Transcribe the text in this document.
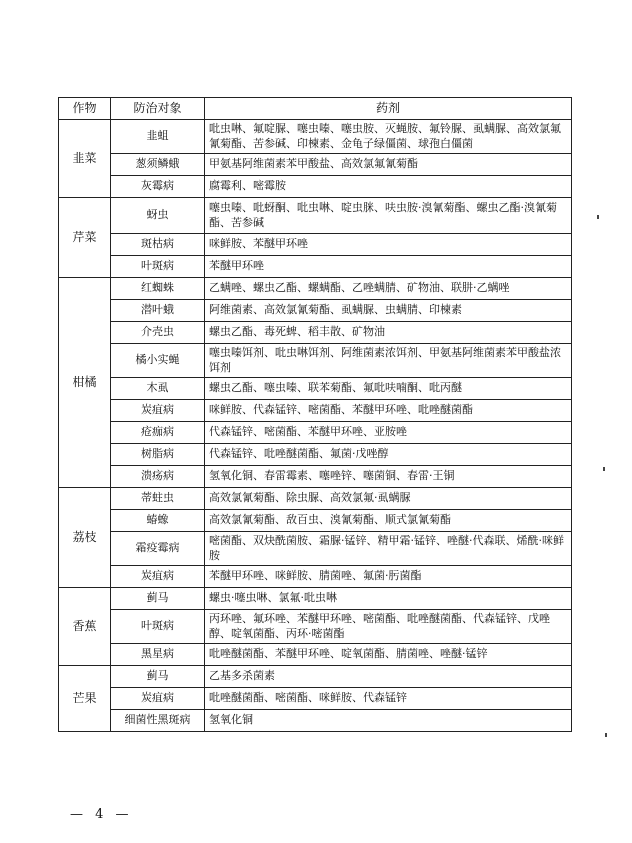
作物	防治对象	药剂
韭菜	韭蛆	吡虫啉、氟啶脲、噻虫嗪、噻虫胺、灭蝇胺、氟铃脲、虱螨脲、高效氯氟氰菊酯、苦参碱、印楝素、金龟子绿僵菌、球孢白僵菌
	葱须鳞蛾	甲氨基阿维菌素苯甲酸盐、高效氯氟氰菊酯
	灰霉病	腐霉利、嘧霉胺
芹菜	蚜虫	噻虫嗪、吡蚜酮、吡虫啉、啶虫脒、呋虫胺·溴氰菊酯、螺虫乙酯·溴氰菊酯、苦参碱
	斑枯病	咪鲜胺、苯醚甲环唑
	叶斑病	苯醚甲环唑
柑橘	红蜘蛛	乙螨唑、螺虫乙酯、螺螨酯、乙唑螨腈、矿物油、联肼·乙螨唑
	潜叶蛾	阿维菌素、高效氯氰菊酯、虱螨脲、虫螨腈、印楝素
	介壳虫	螺虫乙酯、毒死蜱、稻丰散、矿物油
	橘小实蝇	噻虫嗪饵剂、吡虫啉饵剂、阿维菌素浓饵剂、甲氨基阿维菌素苯甲酸盐浓饵剂
	木虱	螺虫乙酯、噻虫嗪、联苯菊酯、氟吡呋喃酮、吡丙醚
	炭疽病	咪鲜胺、代森锰锌、嘧菌酯、苯醚甲环唑、吡唑醚菌酯
	疮痂病	代森锰锌、嘧菌酯、苯醚甲环唑、亚胺唑
	树脂病	代森锰锌、吡唑醚菌酯、氟菌·戊唑醇
	溃疡病	氢氧化铜、春雷霉素、噻唑锌、噻菌铜、春雷·王铜
荔枝	蒂蛀虫	高效氯氰菊酯、除虫脲、高效氯氟·虱螨脲
	蝽蟓	高效氯氰菊酯、敌百虫、溴氰菊酯、顺式氯氰菊酯
	霜疫霉病	嘧菌酯、双炔酰菌胺、霜脲·锰锌、精甲霜·锰锌、唑醚·代森联、烯酰·咪鲜胺
	炭疽病	苯醚甲环唑、咪鲜胺、腈菌唑、氟菌·肟菌酯
香蕉	蓟马	螺虫·噻虫啉、氯氟·吡虫啉
	叶斑病	丙环唑、氟环唑、苯醚甲环唑、嘧菌酯、吡唑醚菌酯、代森锰锌、戊唑醇、啶氧菌酯、丙环·嘧菌酯
	黑星病	吡唑醚菌酯、苯醚甲环唑、啶氧菌酯、腈菌唑、唑醚·锰锌
芒果	蓟马	乙基多杀菌素
	炭疽病	吡唑醚菌酯、嘧菌酯、咪鲜胺、代森锰锌
	细菌性黑斑病	氢氧化铜
— 4 —
